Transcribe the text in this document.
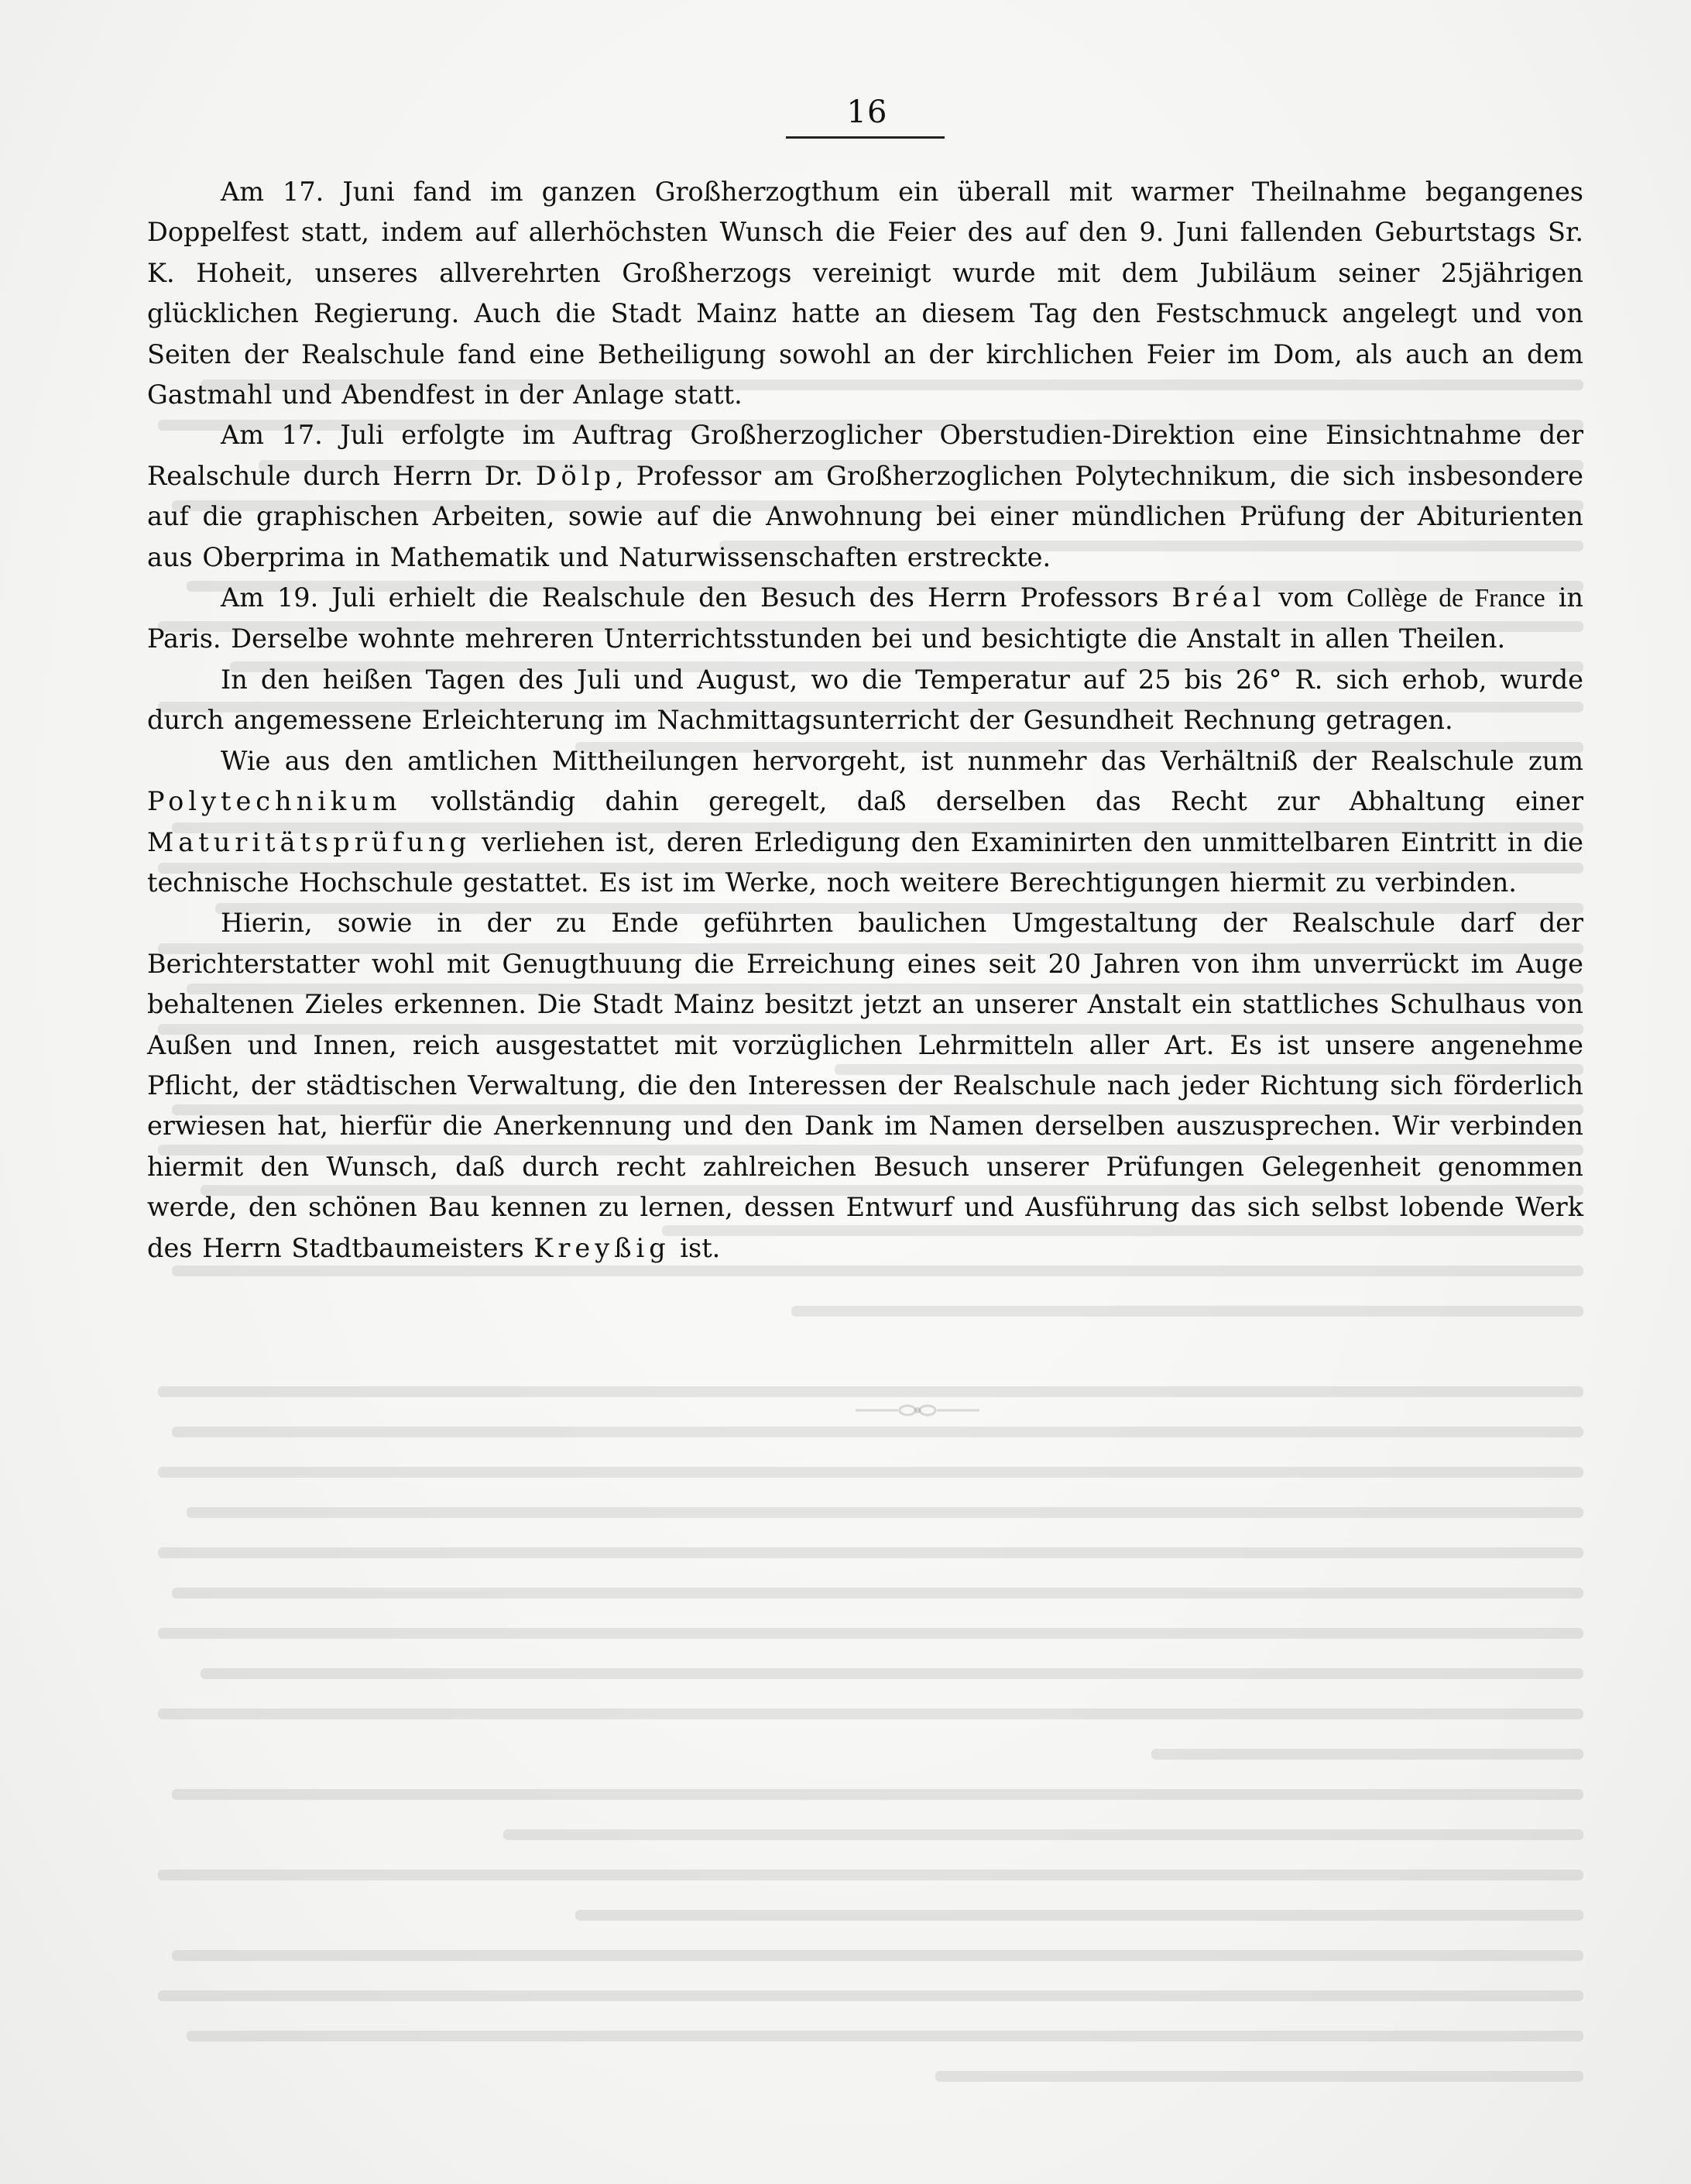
16

Am 17. Juni fand im ganzen Großherzogthum ein überall mit warmer Theilnahme begangenes Doppelfest statt, indem auf allerhöchsten Wunsch die Feier des auf den 9. Juni fallenden Geburtstags Sr. K. Hoheit, unseres allverehrten Großherzogs vereinigt wurde mit dem Jubiläum seiner 25jährigen glücklichen Regierung. Auch die Stadt Mainz hatte an diesem Tag den Festschmuck angelegt und von Seiten der Realschule fand eine Betheiligung sowohl an der kirchlichen Feier im Dom, als auch an dem Gastmahl und Abendfest in der Anlage statt.

Am 17. Juli erfolgte im Auftrag Großherzoglicher Oberstudien-Direktion eine Einsichtnahme der Realschule durch Herrn Dr. Dölp, Professor am Großherzoglichen Polytechnikum, die sich insbesondere auf die graphischen Arbeiten, sowie auf die Anwohnung bei einer mündlichen Prüfung der Abiturienten aus Oberprima in Mathematik und Naturwissenschaften erstreckte.

Am 19. Juli erhielt die Realschule den Besuch des Herrn Professors Bréal vom Collège de France in Paris. Derselbe wohnte mehreren Unterrichtsstunden bei und besichtigte die Anstalt in allen Theilen.

In den heißen Tagen des Juli und August, wo die Temperatur auf 25 bis 26° R. sich erhob, wurde durch angemessene Erleichterung im Nachmittagsunterricht der Gesundheit Rechnung getragen.

Wie aus den amtlichen Mittheilungen hervorgeht, ist nunmehr das Verhältniß der Realschule zum Polytechnikum vollständig dahin geregelt, daß derselben das Recht zur Abhaltung einer Maturitätsprüfung verliehen ist, deren Erledigung den Examinirten den unmittelbaren Eintritt in die technische Hochschule gestattet. Es ist im Werke, noch weitere Berechtigungen hiermit zu verbinden.

Hierin, sowie in der zu Ende geführten baulichen Umgestaltung der Realschule darf der Berichterstatter wohl mit Genugthuung die Erreichung eines seit 20 Jahren von ihm unverrückt im Auge behaltenen Zieles erkennen. Die Stadt Mainz besitzt jetzt an unserer Anstalt ein stattliches Schulhaus von Außen und Innen, reich ausgestattet mit vorzüglichen Lehrmitteln aller Art. Es ist unsere angenehme Pflicht, der städtischen Verwaltung, die den Interessen der Realschule nach jeder Richtung sich förderlich erwiesen hat, hierfür die Anerkennung und den Dank im Namen derselben auszusprechen. Wir verbinden hiermit den Wunsch, daß durch recht zahlreichen Besuch unserer Prüfungen Gelegenheit genommen werde, den schönen Bau kennen zu lernen, dessen Entwurf und Ausführung das sich selbst lobende Werk des Herrn Stadtbaumeisters Kreyßig ist.
